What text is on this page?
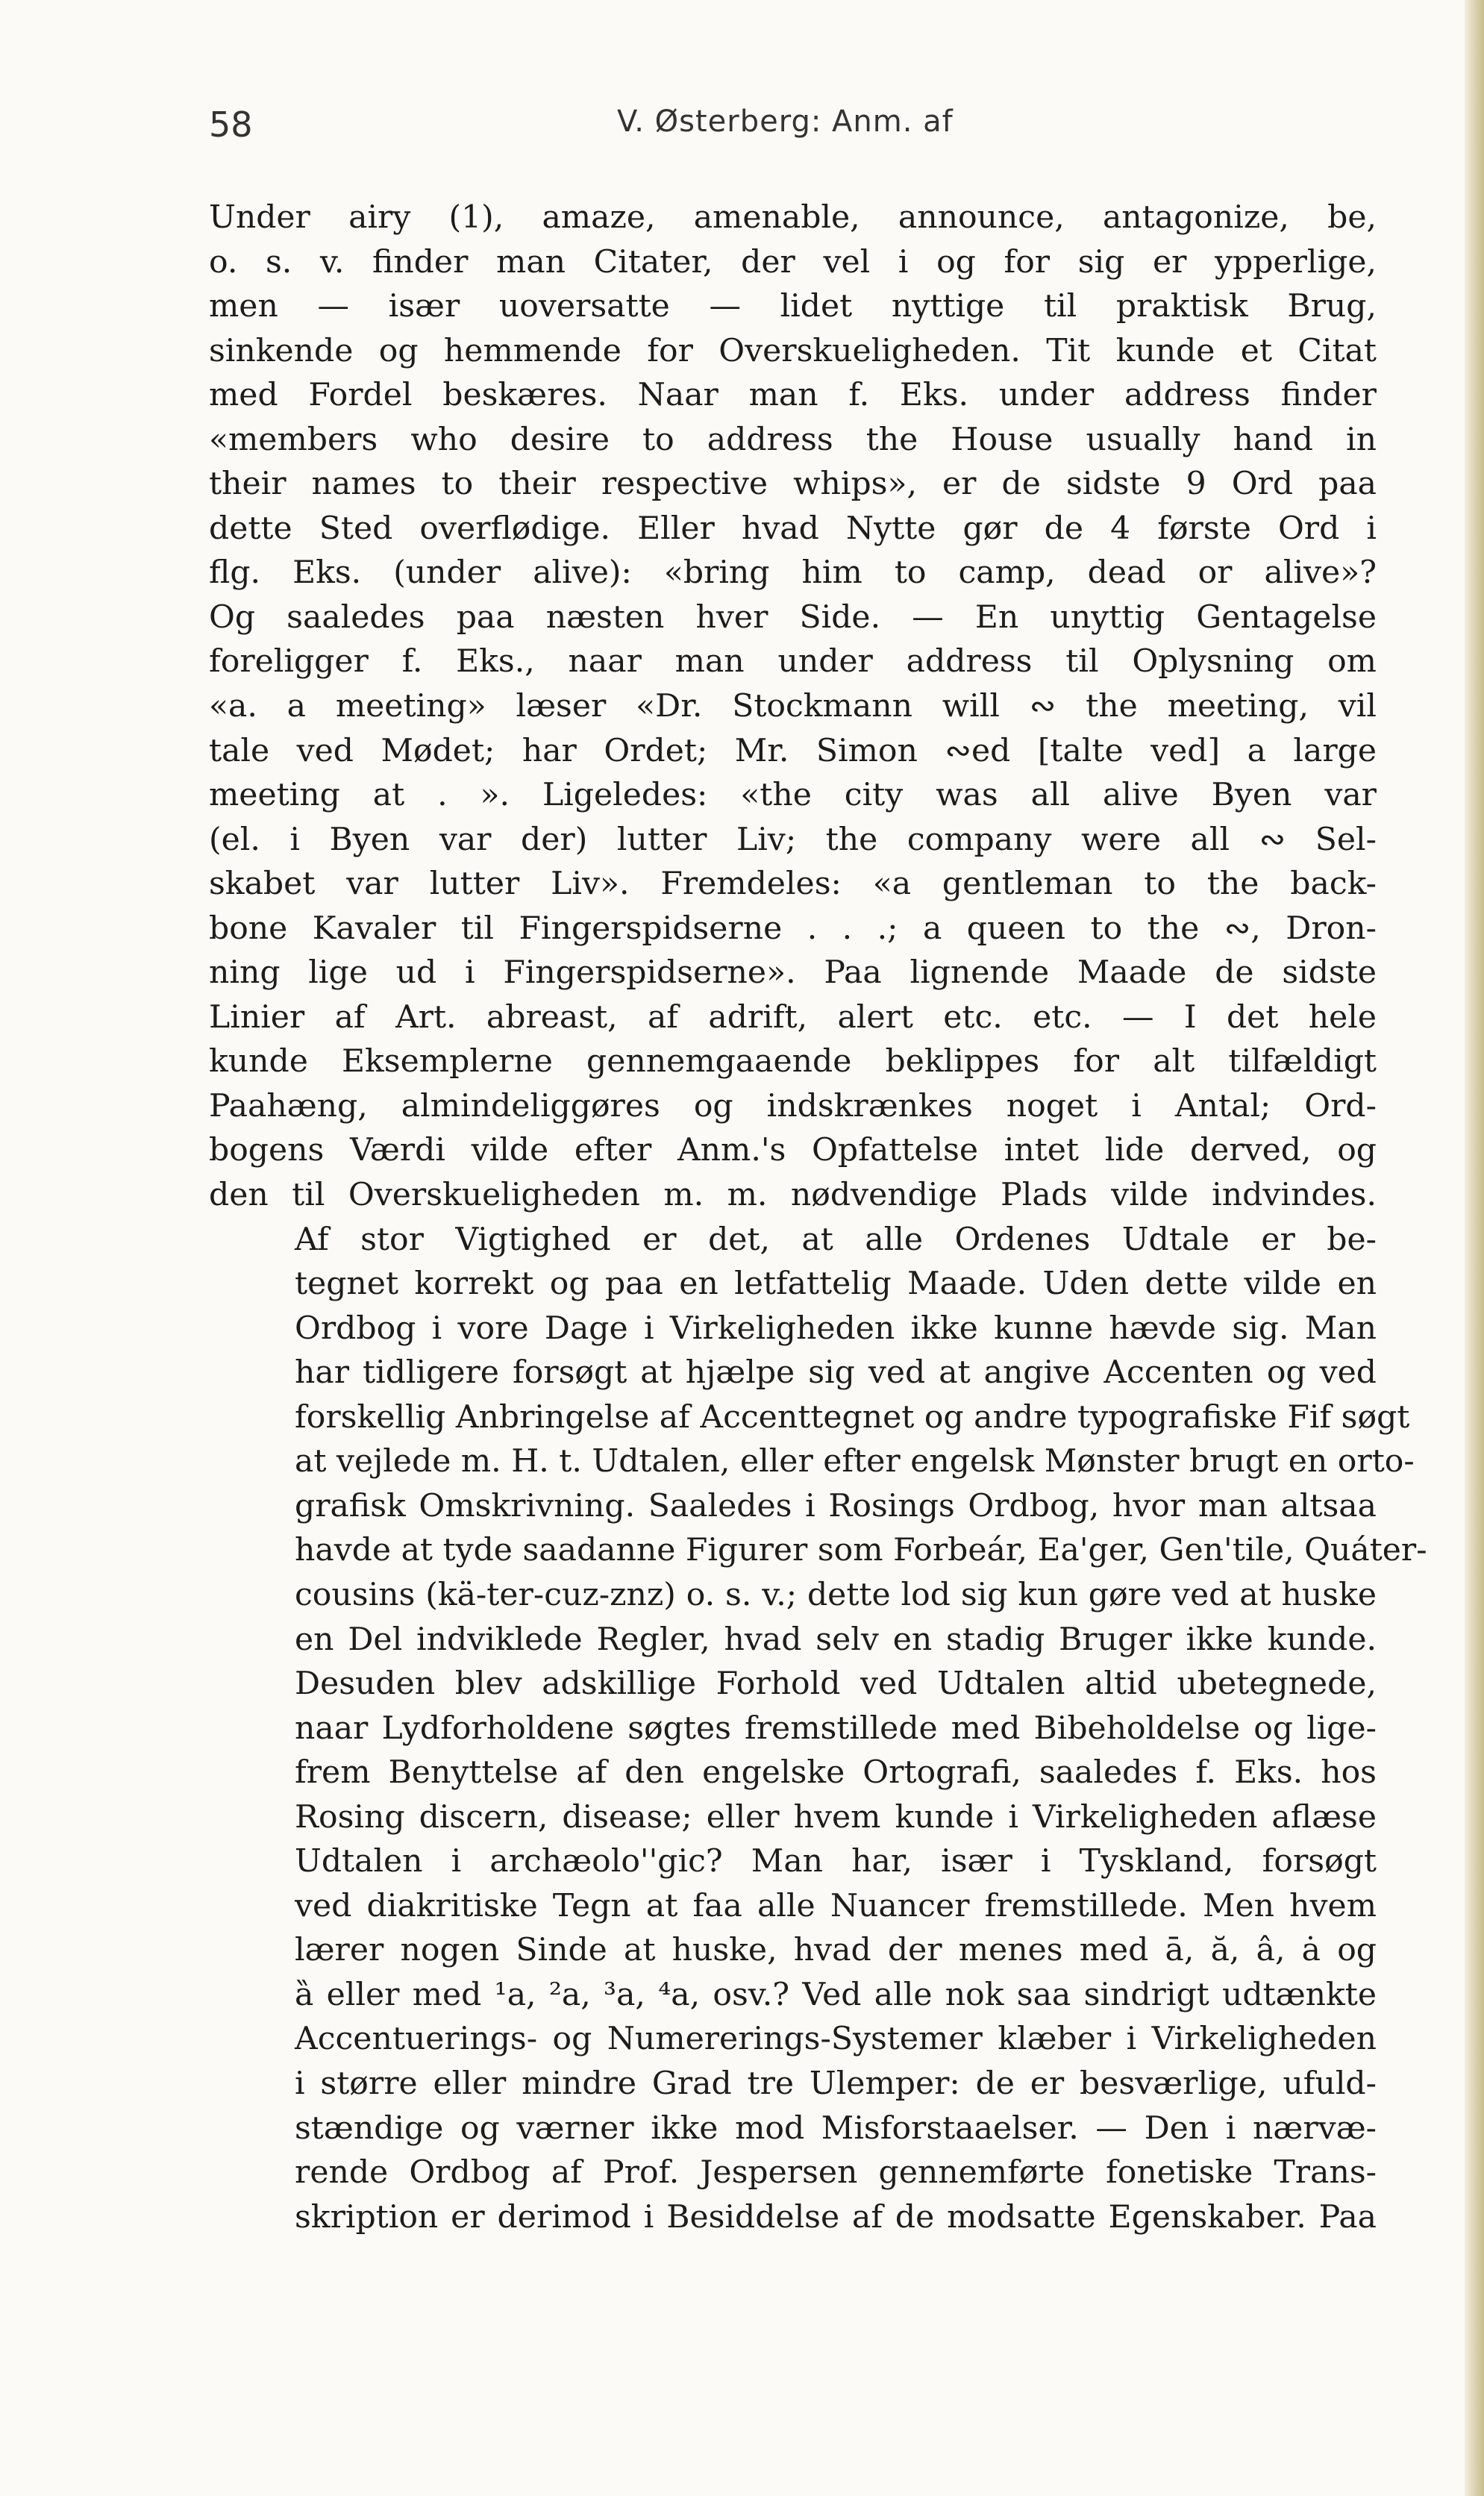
58	V. Østerberg: Anm. af

Under airy (1), amaze, amenable, announce, antagonize, be,
o. s. v. finder man Citater, der vel i og for sig er ypperlige,
men — især uoversatte — lidet nyttige til praktisk Brug,
sinkende og hemmende for Overskueligheden. Tit kunde et Citat
med Fordel beskæres. Naar man f. Eks. under address finder
«members who desire to address the House usually hand in
their names to their respective whips», er de sidste 9 Ord paa
dette Sted overflødige. Eller hvad Nytte gør de 4 første Ord i
flg. Eks. (under alive): «bring him to camp, dead or alive»?
Og saaledes paa næsten hver Side. — En unyttig Gentagelse
foreligger f. Eks., naar man under address til Oplysning om
«a. a meeting» læser «Dr. Stockmann will ∾ the meeting, vil
tale ved Mødet; har Ordet; Mr. Simon ∾ed [talte ved] a large
meeting at . ». Ligeledes: «the city was all alive Byen var
(el. i Byen var der) lutter Liv; the company were all ∾ Sel-
skabet var lutter Liv». Fremdeles: «a gentleman to the back-
bone Kavaler til Fingerspidserne . . .; a queen to the ∾, Dron-
ning lige ud i Fingerspidserne». Paa lignende Maade de sidste
Linier af Art. abreast, af adrift, alert etc. etc. — I det hele
kunde Eksemplerne gennemgaaende beklippes for alt tilfældigt
Paahæng, almindeliggøres og indskrænkes noget i Antal; Ord-
bogens Værdi vilde efter Anm.'s Opfattelse intet lide derved, og
den til Overskueligheden m. m. nødvendige Plads vilde indvindes.

Af stor Vigtighed er det, at alle Ordenes Udtale er be-
tegnet korrekt og paa en letfattelig Maade. Uden dette vilde en
Ordbog i vore Dage i Virkeligheden ikke kunne hævde sig. Man
har tidligere forsøgt at hjælpe sig ved at angive Accenten og ved
forskellig Anbringelse af Accenttegnet og andre typografiske Fif søgt
at vejlede m. H. t. Udtalen, eller efter engelsk Mønster brugt en orto-
grafisk Omskrivning. Saaledes i Rosings Ordbog, hvor man altsaa
havde at tyde saadanne Figurer som Forbeár, Ea'ger, Gen'tile, Quáter-
cousins (kä-ter-cuz-znz) o. s. v.; dette lod sig kun gøre ved at huske
en Del indviklede Regler, hvad selv en stadig Bruger ikke kunde.
Desuden blev adskillige Forhold ved Udtalen altid ubetegnede,
naar Lydforholdene søgtes fremstillede med Bibeholdelse og lige-
frem Benyttelse af den engelske Ortografi, saaledes f. Eks. hos
Rosing discern, disease; eller hvem kunde i Virkeligheden aflæse
Udtalen i archæolo''gic? Man har, især i Tyskland, forsøgt
ved diakritiske Tegn at faa alle Nuancer fremstillede. Men hvem
lærer nogen Sinde at huske, hvad der menes med ā, ă, â, ȧ og
ȁ eller med ¹a, ²a, ³a, ⁴a, osv.? Ved alle nok saa sindrigt udtænkte
Accentuerings- og Numererings-Systemer klæber i Virkeligheden
i større eller mindre Grad tre Ulemper: de er besværlige, ufuld-
stændige og værner ikke mod Misforstaaelser. — Den i nærvæ-
rende Ordbog af Prof. Jespersen gennemførte fonetiske Trans-
skription er derimod i Besiddelse af de modsatte Egenskaber. Paa
